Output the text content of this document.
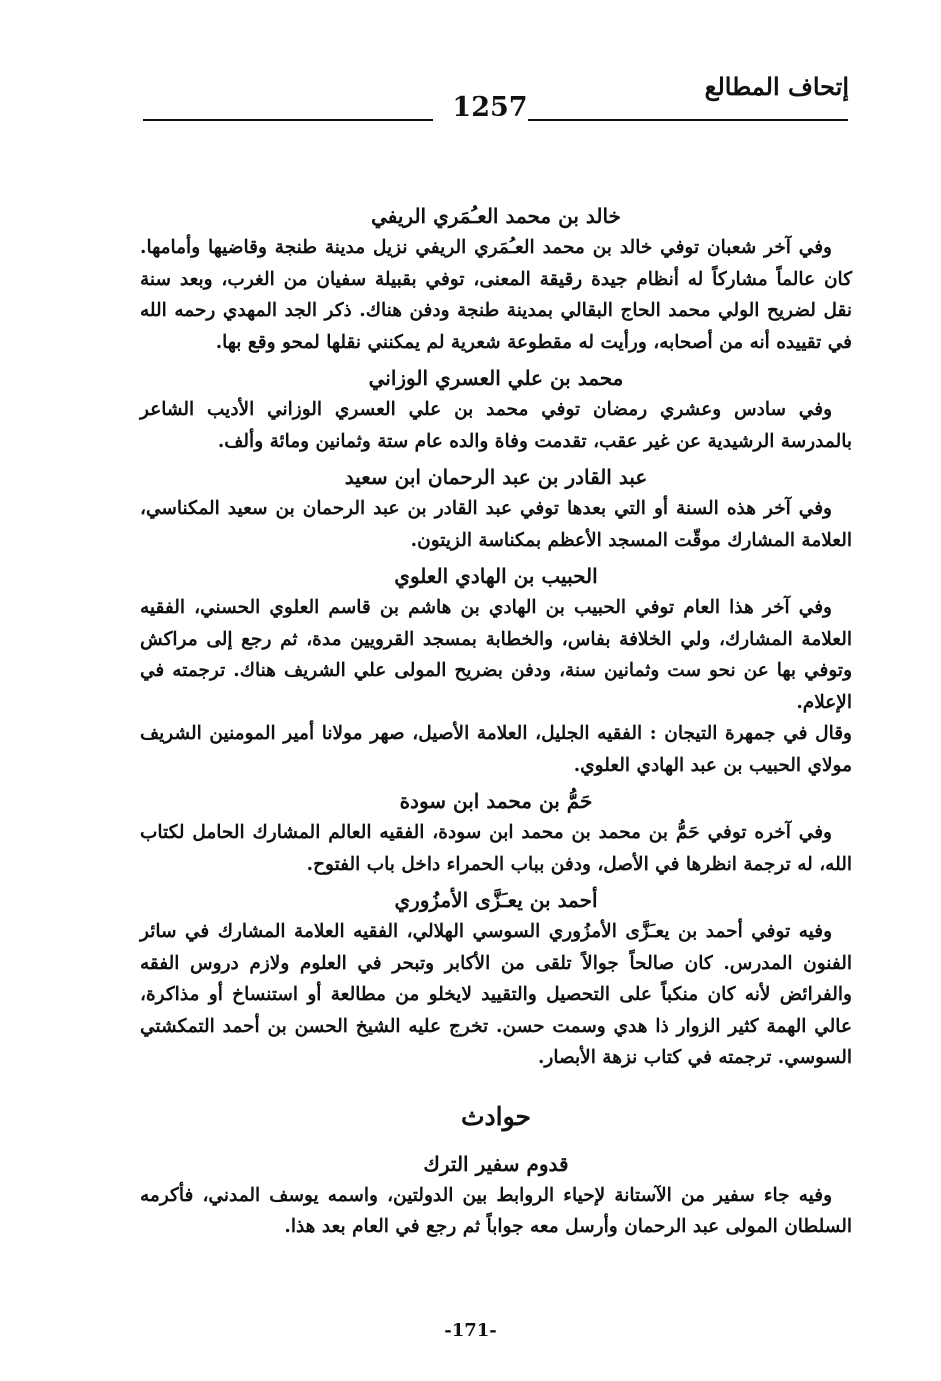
إتحاف المطالع
1257

خالد بن محمد العـُمَري الريفي

وفي آخر شعبان توفي خالد بن محمد العـُمَري الريفي نزيل مدينة طنجة وقاضيها وأمامها. كان عالماً مشاركاً له أنظام جيدة رقيقة المعنى، توفي بقبيلة سفيان من الغرب، وبعد سنة نقل لضريح الولي محمد الحاج البقالي بمدينة طنجة ودفن هناك. ذكر الجد المهدي رحمه الله في تقييده أنه من أصحابه، ورأيت له مقطوعة شعرية لم يمكنني نقلها لمحو وقع بها.

محمد بن علي العسري الوزاني

وفي سادس وعشري رمضان توفي محمد بن علي العسري الوزاني الأديب الشاعر بالمدرسة الرشيدية عن غير عقب، تقدمت وفاة والده عام ستة وثمانين ومائة وألف.

عبد القادر بن عبد الرحمان ابن سعيد

وفي آخر هذه السنة أو التي بعدها توفي عبد القادر بن عبد الرحمان بن سعيد المكناسي، العلامة المشارك موقّت المسجد الأعظم بمكناسة الزيتون.

الحبيب بن الهادي العلوي

وفي آخر هذا العام توفي الحبيب بن الهادي بن هاشم بن قاسم العلوي الحسني، الفقيه العلامة المشارك، ولي الخلافة بفاس، والخطابة بمسجد القرويين مدة، ثم رجع إلى مراكش وتوفي بها عن نحو ست وثمانين سنة، ودفن بضريح المولى علي الشريف هناك. ترجمته في الإعلام.

وقال في جمهرة التيجان : الفقيه الجليل، العلامة الأصيل، صهر مولانا أمير المومنين الشريف مولاي الحبيب بن عبد الهادي العلوي.

حَمُّ بن محمد ابن سودة

وفي آخره توفي حَمُّ بن محمد بن محمد ابن سودة، الفقيه العالم المشارك الحامل لكتاب الله، له ترجمة انظرها في الأصل، ودفن بباب الحمراء داخل باب الفتوح.

أحمد بن يعـَزَّى الأمزُوري

وفيه توفي أحمد بن يعـَزَّى الأمزُوري السوسي الهلالي، الفقيه العلامة المشارك في سائر الفنون المدرس. كان صالحاً جوالاً تلقى من الأكابر وتبحر في العلوم ولازم دروس الفقه والفرائض لأنه كان منكباً على التحصيل والتقييد لايخلو من مطالعة أو استنساخ أو مذاكرة، عالي الهمة كثير الزوار ذا هدي وسمت حسن. تخرج عليه الشيخ الحسن بن أحمد التمكشتي السوسي. ترجمته في كتاب نزهة الأبصار.

حوادث

قدوم سفير الترك

وفيه جاء سفير من الآستانة لإحياء الروابط بين الدولتين، واسمه يوسف المدني، فأكرمه السلطان المولى عبد الرحمان وأرسل معه جواباً ثم رجع في العام بعد هذا.

-171-
